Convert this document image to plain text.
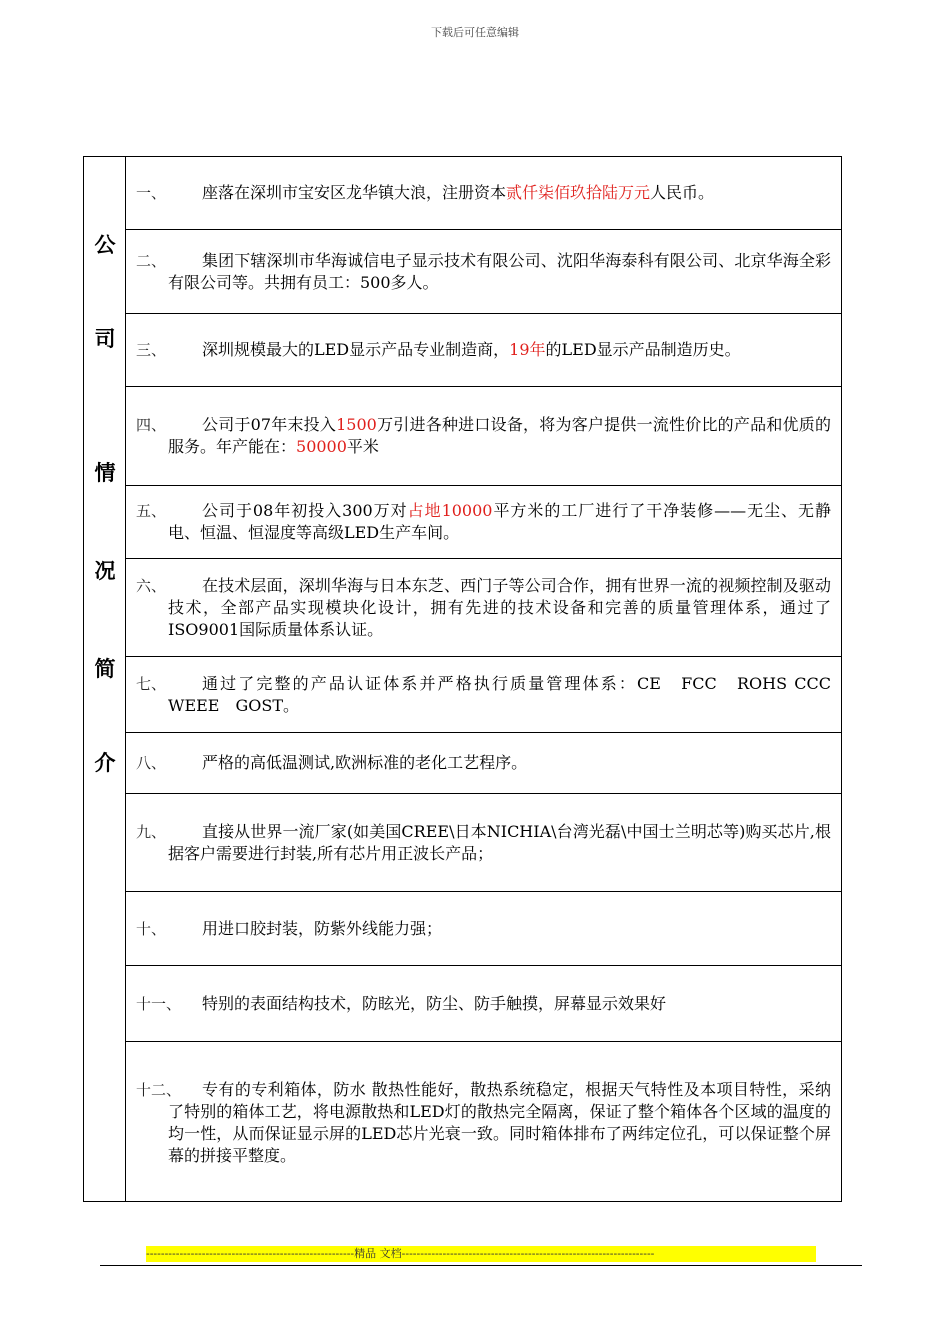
下载后可任意编辑
公
司
情
况
简
介
一、	座落在深圳市宝安区龙华镇大浪，注册资本贰仟柒佰玖拾陆万元人民币。
二、	集团下辖深圳市华海诚信电子显示技术有限公司、沈阳华海泰科有限公司、北京华海全彩有限公司等。共拥有员工：500多人。
三、	深圳规模最大的LED显示产品专业制造商，19年的LED显示产品制造历史。
四、	公司于07年末投入1500万引进各种进口设备，将为客户提供一流性价比的产品和优质的服务。年产能在：50000平米
五、	公司于08年初投入300万对占地10000平方米的工厂进行了干净装修——无尘、无静电、恒温、恒湿度等高级LED生产车间。
六、	在技术层面，深圳华海与日本东芝、西门子等公司合作，拥有世界一流的视频控制及驱动技术，全部产品实现模块化设计，拥有先进的技术设备和完善的质量管理体系，通过了ISO9001国际质量体系认证。
七、	通过了完整的产品认证体系并严格执行质量管理体系：CE　FCC　ROHS CCC　WEEE　GOST。
八、	严格的高低温测试,欧洲标准的老化工艺程序。
九、	直接从世界一流厂家(如美国CREE\日本NICHIA\台湾光磊\中国士兰明芯等)购买芯片,根据客户需要进行封装,所有芯片用正波长产品；
十、	用进口胶封装，防紫外线能力强；
十一、	特别的表面结构技术，防眩光，防尘、防手触摸，屏幕显示效果好
十二、	专有的专利箱体，防水 散热性能好，散热系统稳定，根据天气特性及本项目特性，采纳了特别的箱体工艺，将电源散热和LED灯的散热完全隔离，保证了整个箱体各个区域的温度的均一性，从而保证显示屏的LED芯片光衰一致。同时箱体排布了两纬定位孔，可以保证整个屏幕的拼接平整度。
--------------------------------------------------------精品 文档--------------------------------------------------------------------
